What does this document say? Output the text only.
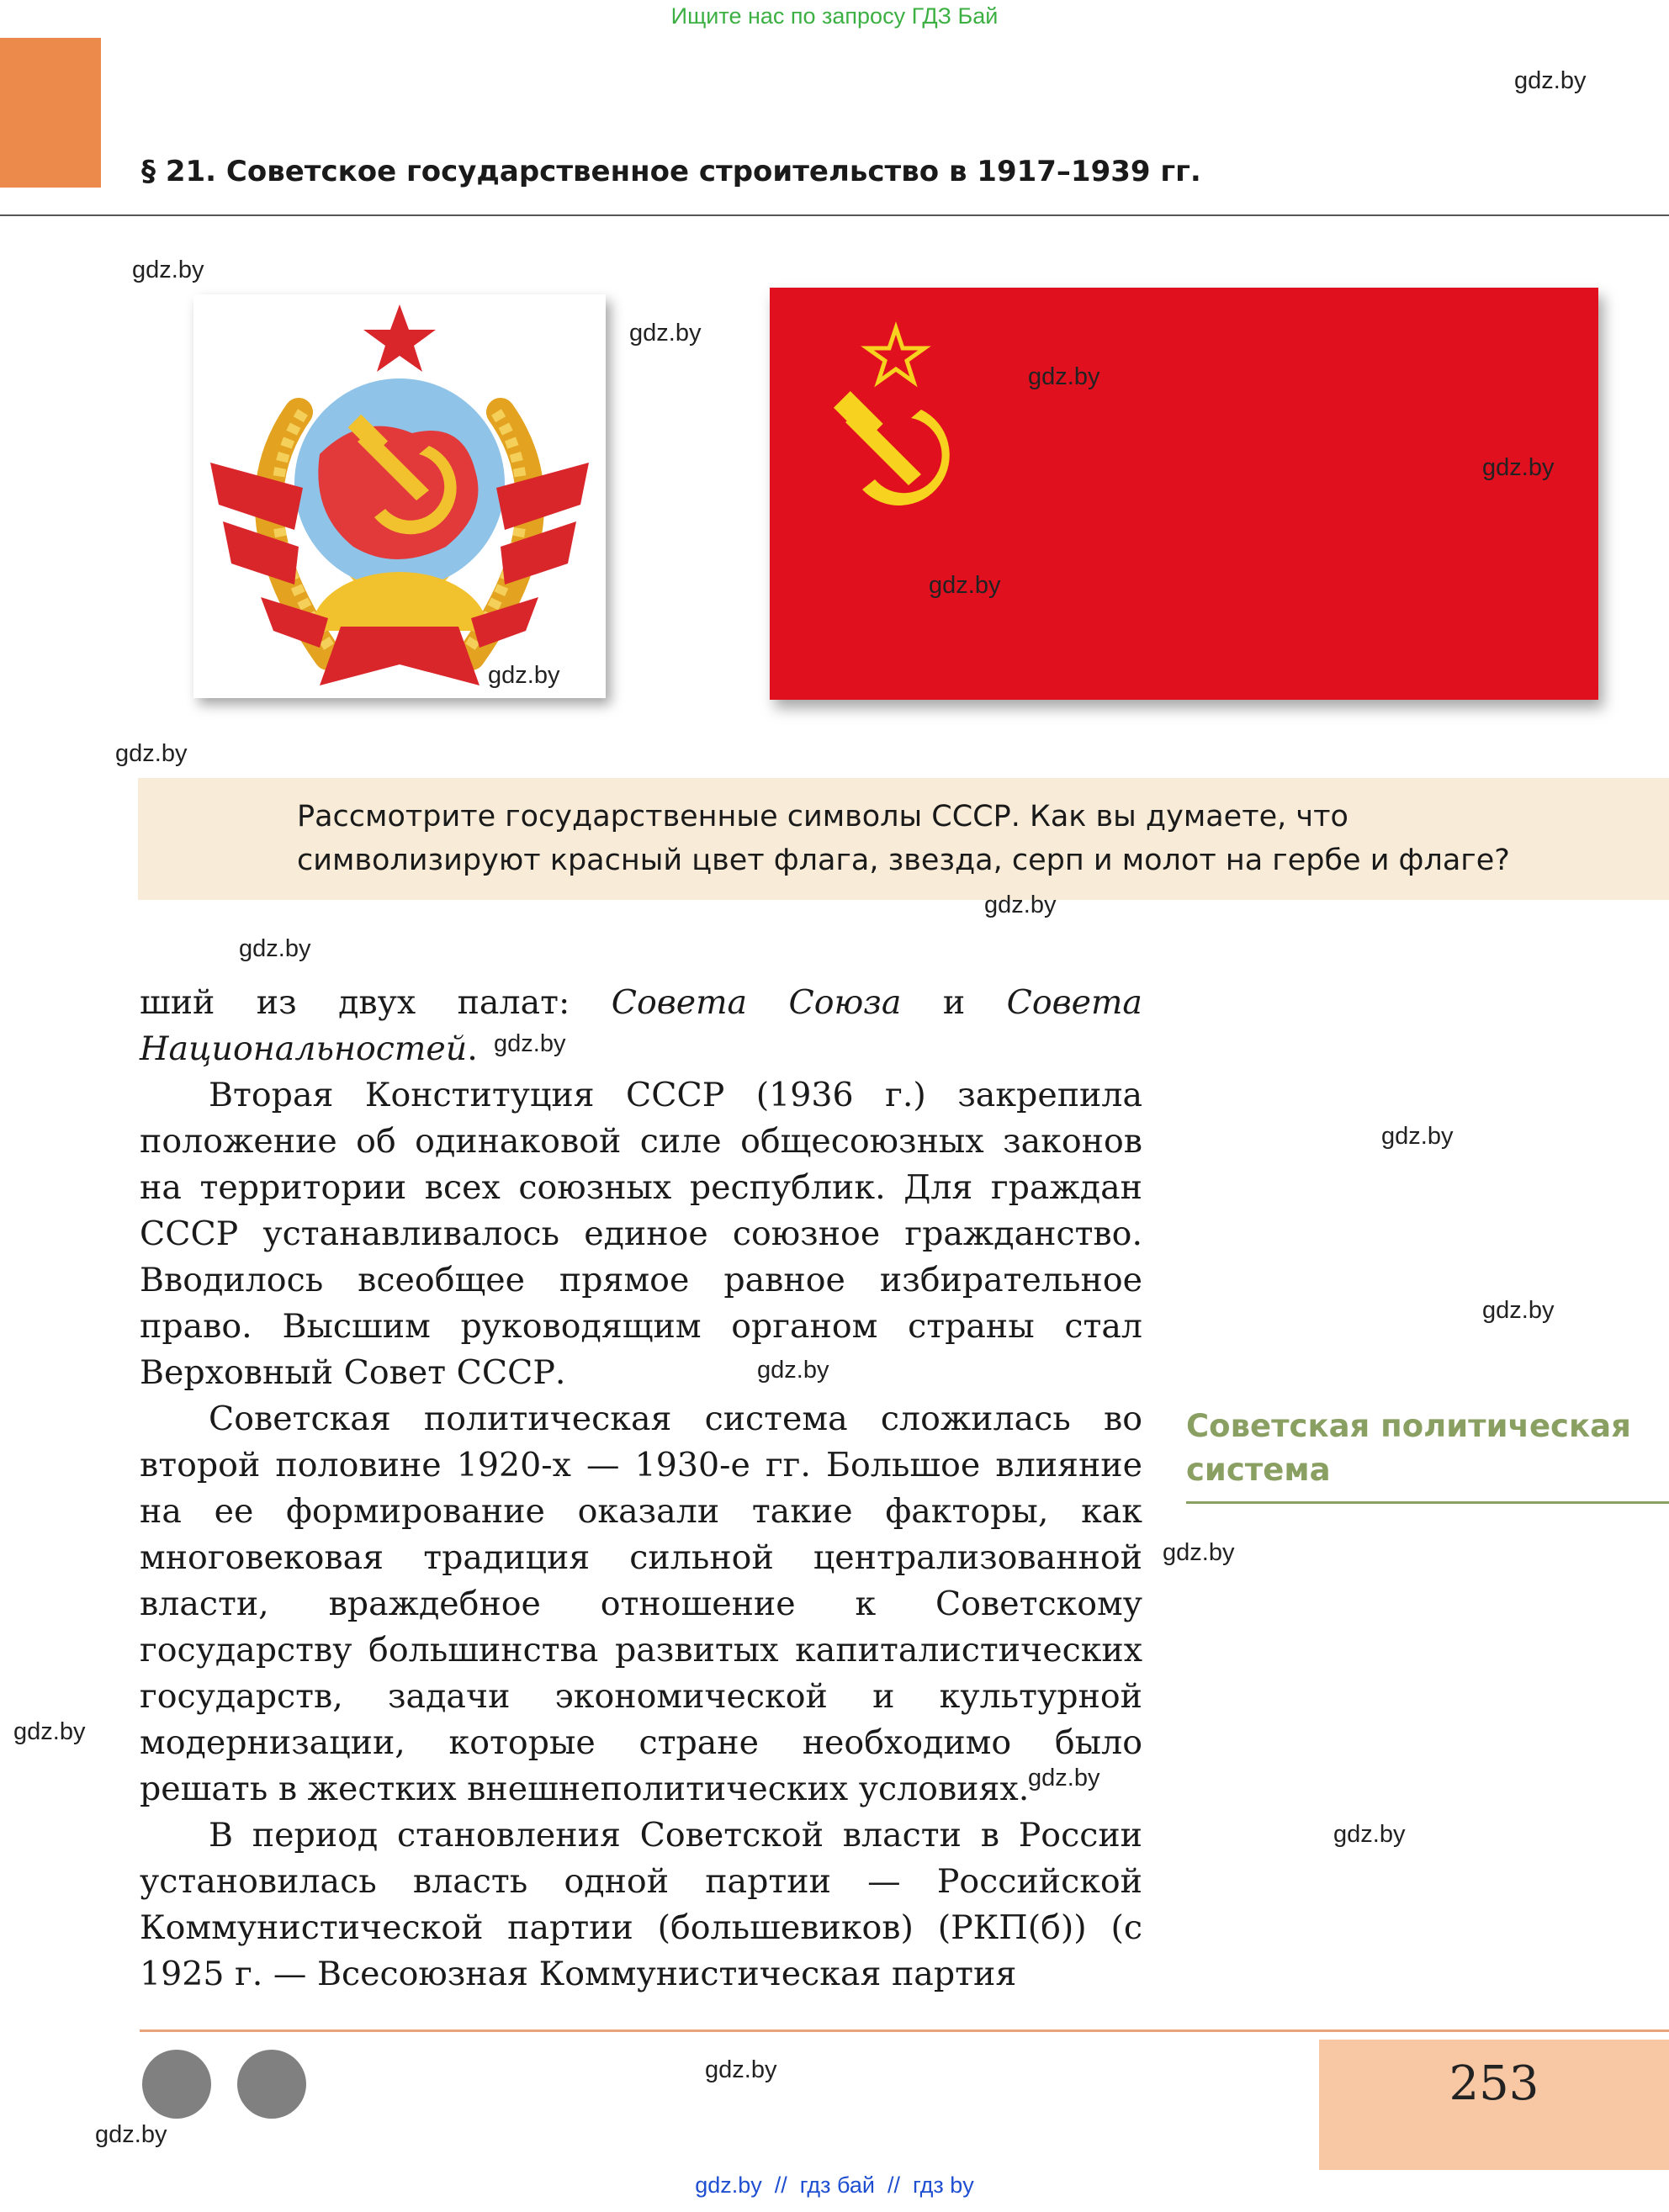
Ищите нас по запросу ГДЗ Бай
gdz.by
§ 21. Советское государственное строительство в 1917–1939 гг.
gdz.by
gdz.by
gdz.by
gdz.by
gdz.by
gdz.by
gdz.by
Рассмотрите государственные символы СССР. Как вы думаете, что символизируют красный цвет флага, звезда, серп и молот на гербе и флаге?
gdz.by
gdz.by

ший из двух палат: Совета Союза и Совета Национальностей.

Вторая Конституция СССР (1936 г.) закрепила положение об одинаковой силе общесоюзных законов на территории всех союзных республик. Для граждан СССР устанавливалось единое союзное гражданство. Вводилось всеобщее прямое равное избирательное право. Высшим руководящим органом страны стал Верховный Совет СССР.

Советская политическая система сложилась во второй половине 1920-х — 1930-е гг. Большое влияние на ее формирование оказали такие факторы, как многовековая традиция сильной централизованной власти, враждебное отношение к Советскому государству большинства развитых капиталистических государств, задачи экономической и культурной модернизации, которые стране необходимо было решать в жестких внешнеполитических условиях.

В период становления Советской власти в России установилась власть одной партии — Российской Коммунистической партии (большевиков) (РКП(б)) (с 1925 г. — Всесоюзная Коммунистическая партия

gdz.by
gdz.by
gdz.by
gdz.by
Советская политическая система
gdz.by
gdz.by
gdz.by
gdz.by
gdz.by	253
gdz.by
gdz.by  //  гдз бай  //  гдз by
